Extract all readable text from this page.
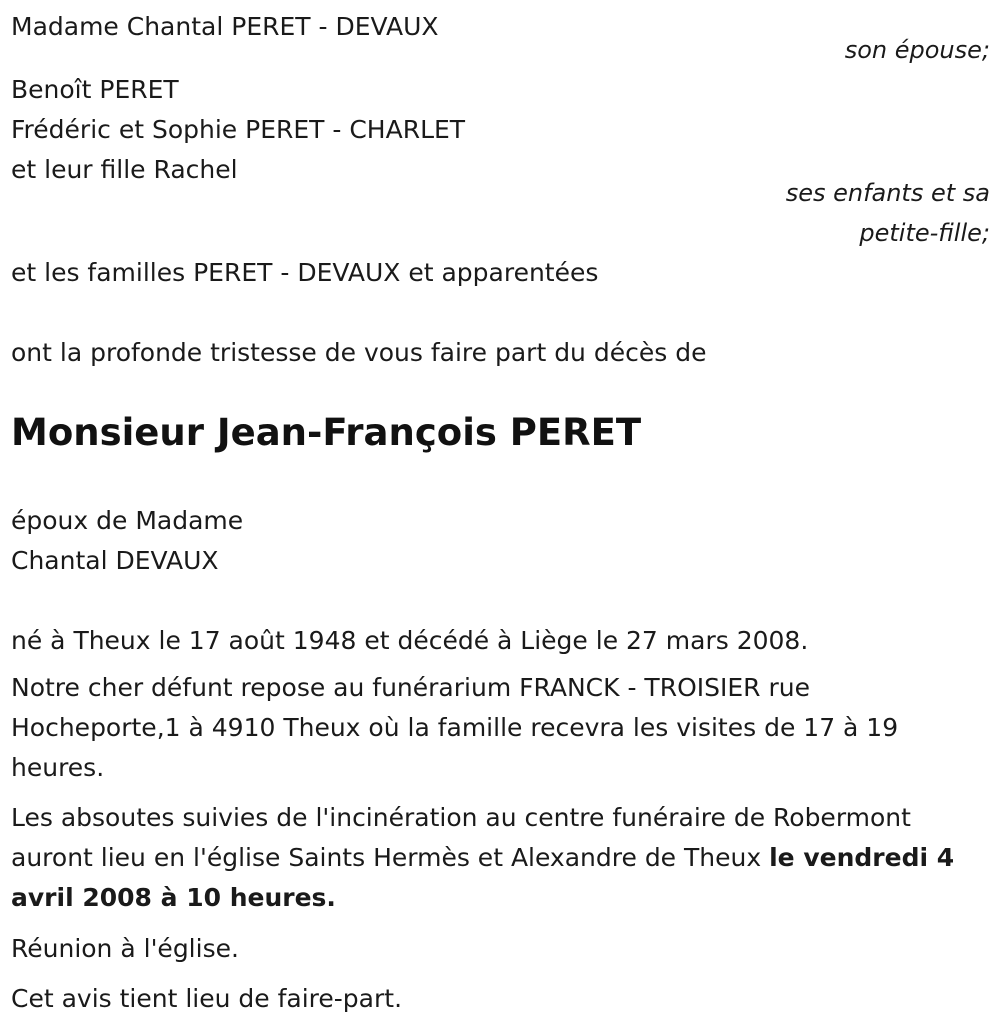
Madame Chantal PERET - DEVAUX
son épouse;
Benoît PERET
Frédéric et Sophie PERET - CHARLET
et leur fille Rachel
ses enfants et sa
petite-fille;
et les familles PERET - DEVAUX et apparentées
ont la profonde tristesse de vous faire part du décès de
Monsieur Jean-François PERET
époux de Madame
Chantal DEVAUX
né à Theux le 17 août 1948 et décédé à Liège le 27 mars 2008.
Notre cher défunt repose au funérarium FRANCK - TROISIER rue Hocheporte,1 à 4910 Theux où la famille recevra les visites de 17 à 19 heures.
Les absoutes suivies de l'incinération au centre funéraire de Robermont auront lieu en l'église Saints Hermès et Alexandre de Theux le vendredi 4 avril 2008 à 10 heures.
Réunion à l'église.
Cet avis tient lieu de faire-part.
